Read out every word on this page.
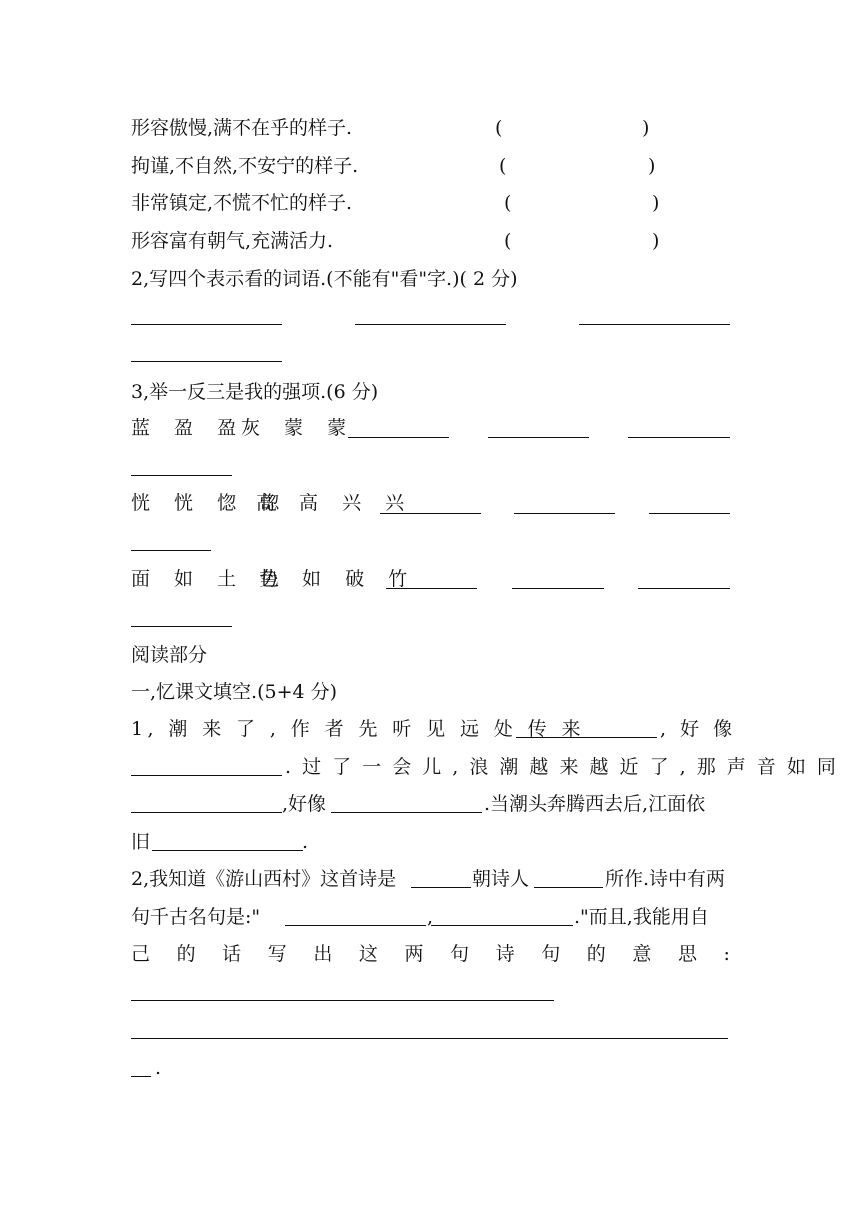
形容傲慢,满不在乎的样子.	(	)
拘谨,不自然,不安宁的样子.	(	)
非常镇定,不慌不忙的样子.	(	)
形容富有朝气,充满活力.	(	)
2,写四个表示看的词语.(不能有"看"字.)( 2 分)
3,举一反三是我的强项.(6 分)
蓝 盈 盈
灰 蒙 蒙
恍 恍 惚 惚
高 高 兴 兴
面 如 土 色
势 如 破 竹
阅读部分
一,忆课文填空.(5+4 分)
1, 潮 来 了 , 作 者 先 听 见 远 处 传 来	, 好 像
. 过 了 一 会 儿 , 浪 潮 越 来 越 近 了 , 那 声 音 如 同
,好像	.当潮头奔腾西去后,江面依
旧	.
2,我知道《游山西村》这首诗是	朝诗人	所作.诗中有两
句千古名句是:"	,	."而且,我能用自
己 的 话 写 出 这 两 句 诗 句 的 意 思 :
.
